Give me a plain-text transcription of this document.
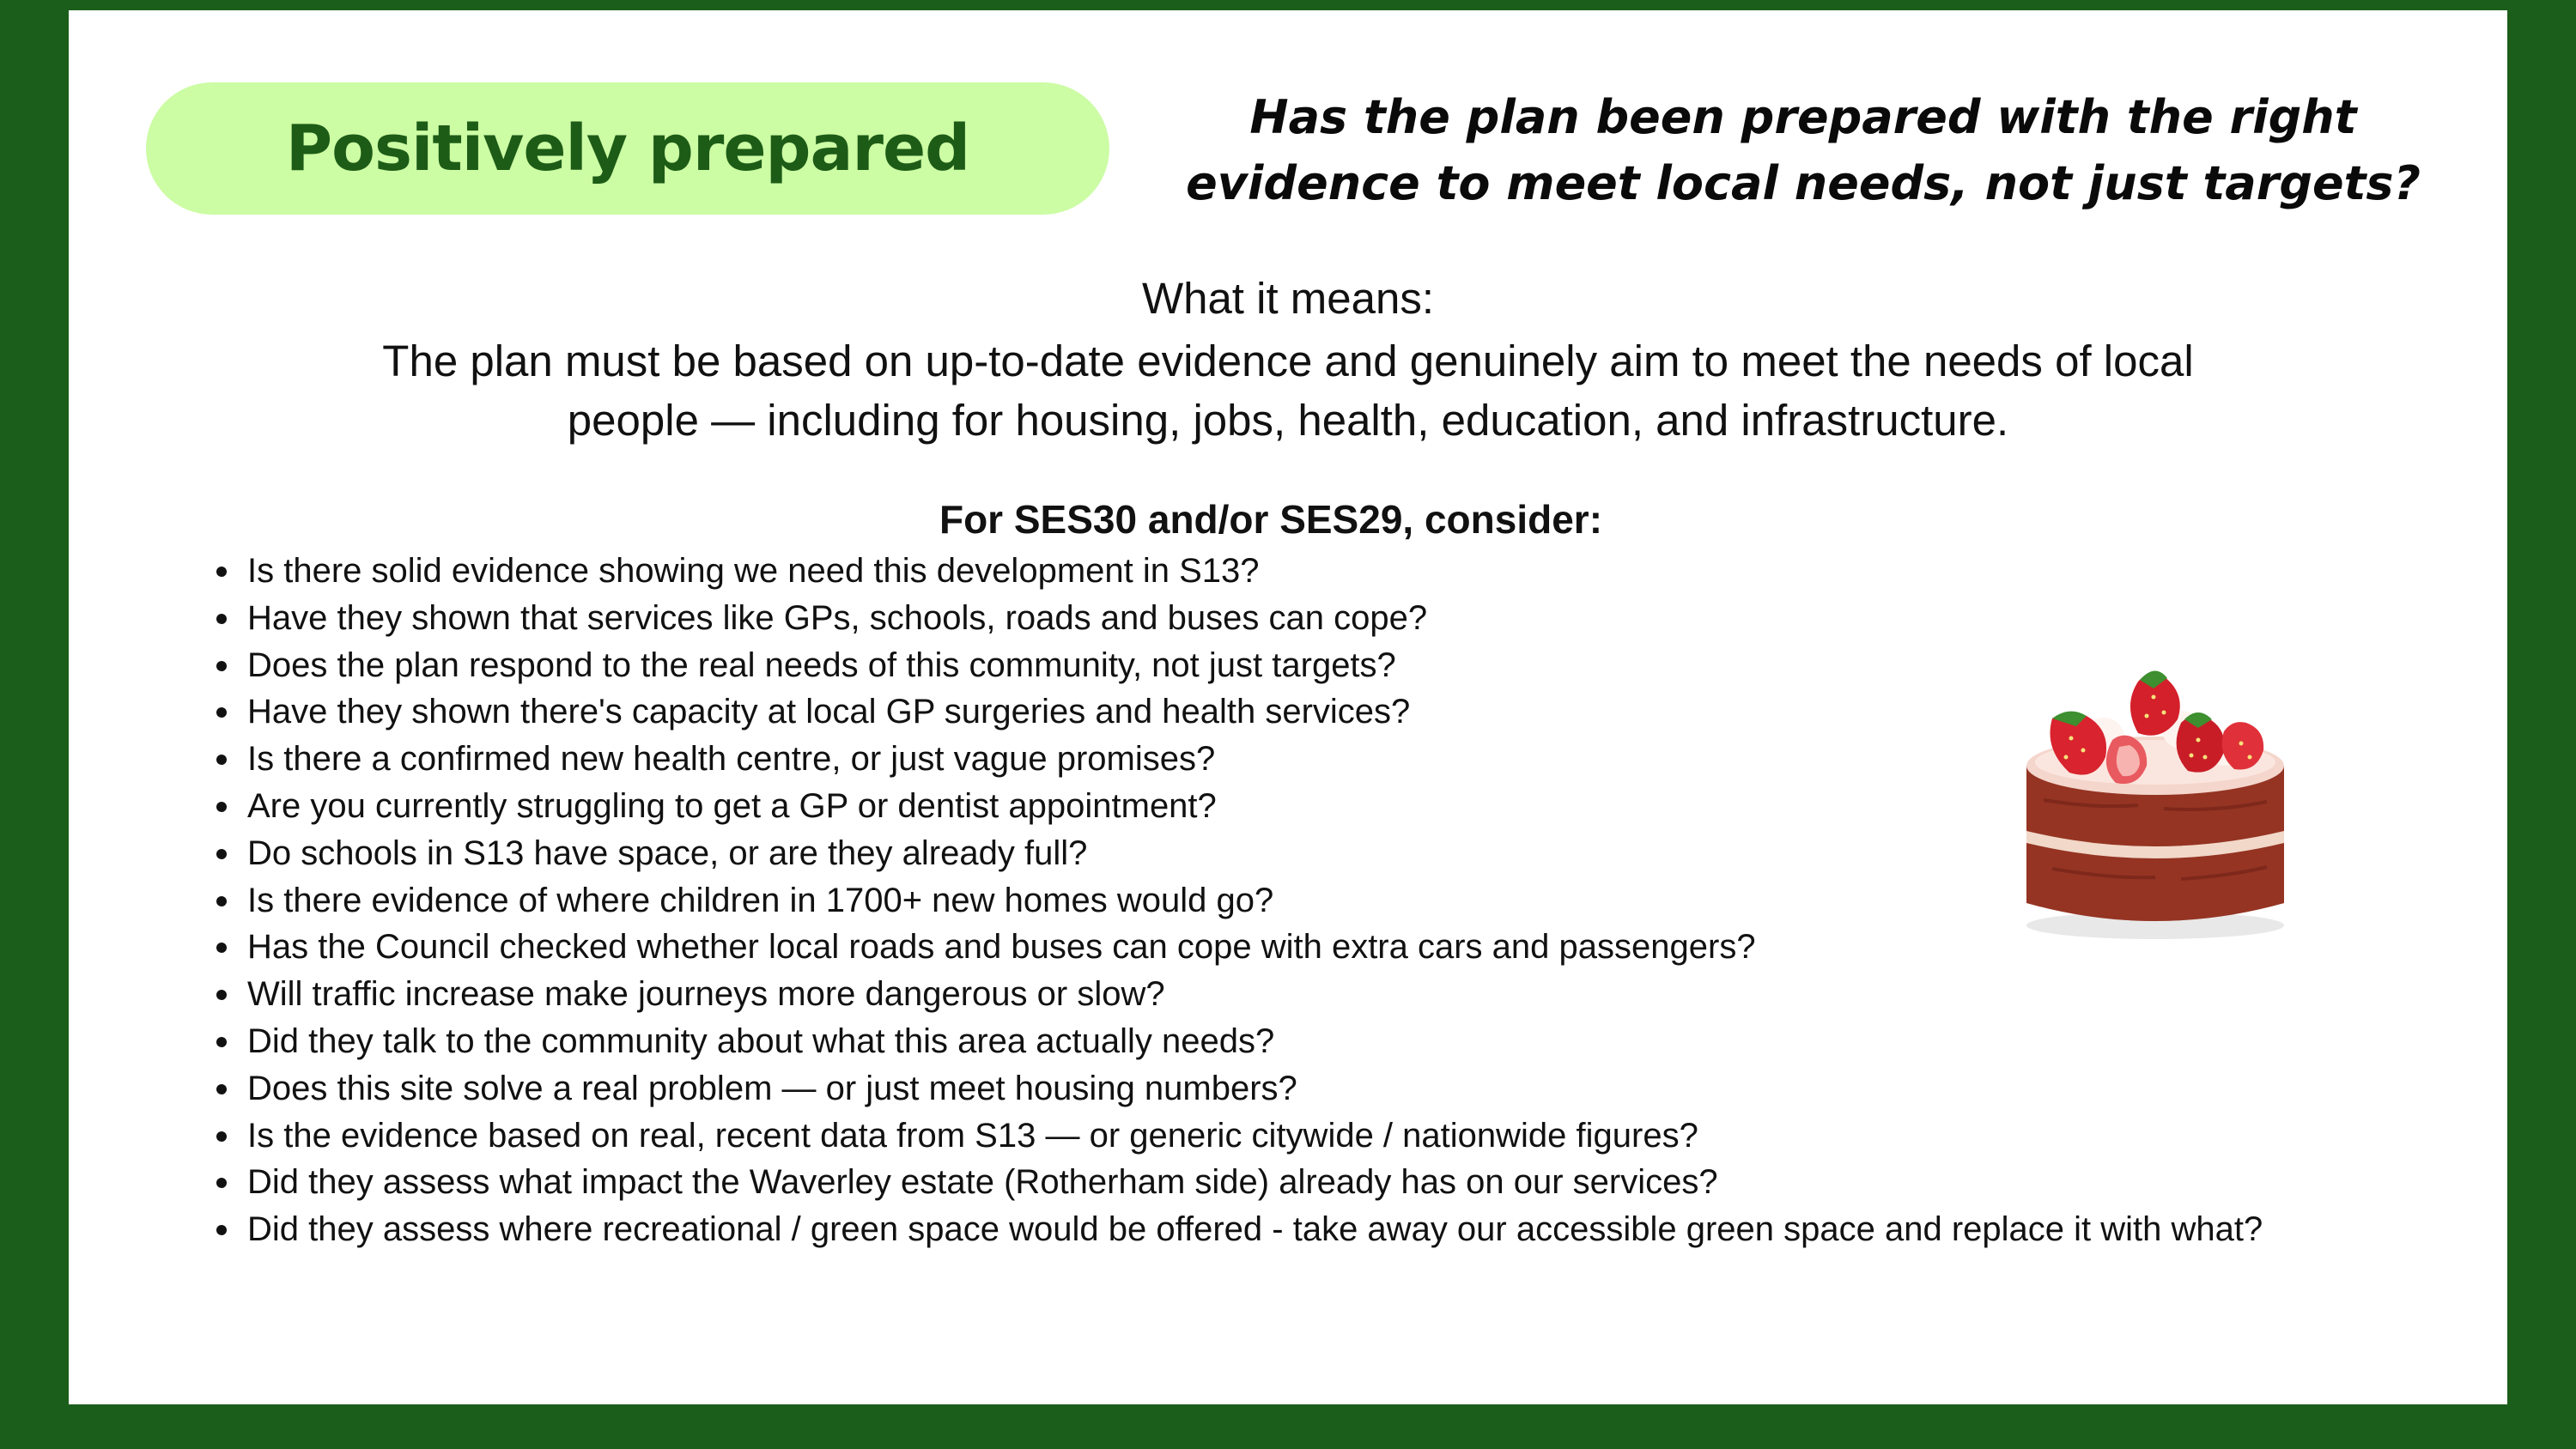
Positively prepared	Has the plan been prepared with the right
evidence to meet local needs, not just targets?
What it means:
The plan must be based on up-to-date evidence and genuinely aim to meet the needs of local
people — including for housing, jobs, health, education, and infrastructure.
For SES30 and/or SES29, consider:
Is there solid evidence showing we need this development in S13?
Have they shown that services like GPs, schools, roads and buses can cope?
Does the plan respond to the real needs of this community, not just targets?
Have they shown there's capacity at local GP surgeries and health services?
Is there a confirmed new health centre, or just vague promises?
Are you currently struggling to get a GP or dentist appointment?
Do schools in S13 have space, or are they already full?
Is there evidence of where children in 1700+ new homes would go?
Has the Council checked whether local roads and buses can cope with extra cars and passengers?
Will traffic increase make journeys more dangerous or slow?
Did they talk to the community about what this area actually needs?
Does this site solve a real problem — or just meet housing numbers?
Is the evidence based on real, recent data from S13 — or generic citywide / nationwide figures?
Did they assess what impact the Waverley estate (Rotherham side) already has on our services?
Did they assess where recreational / green space would be offered - take away our accessible green space and replace it with what?
